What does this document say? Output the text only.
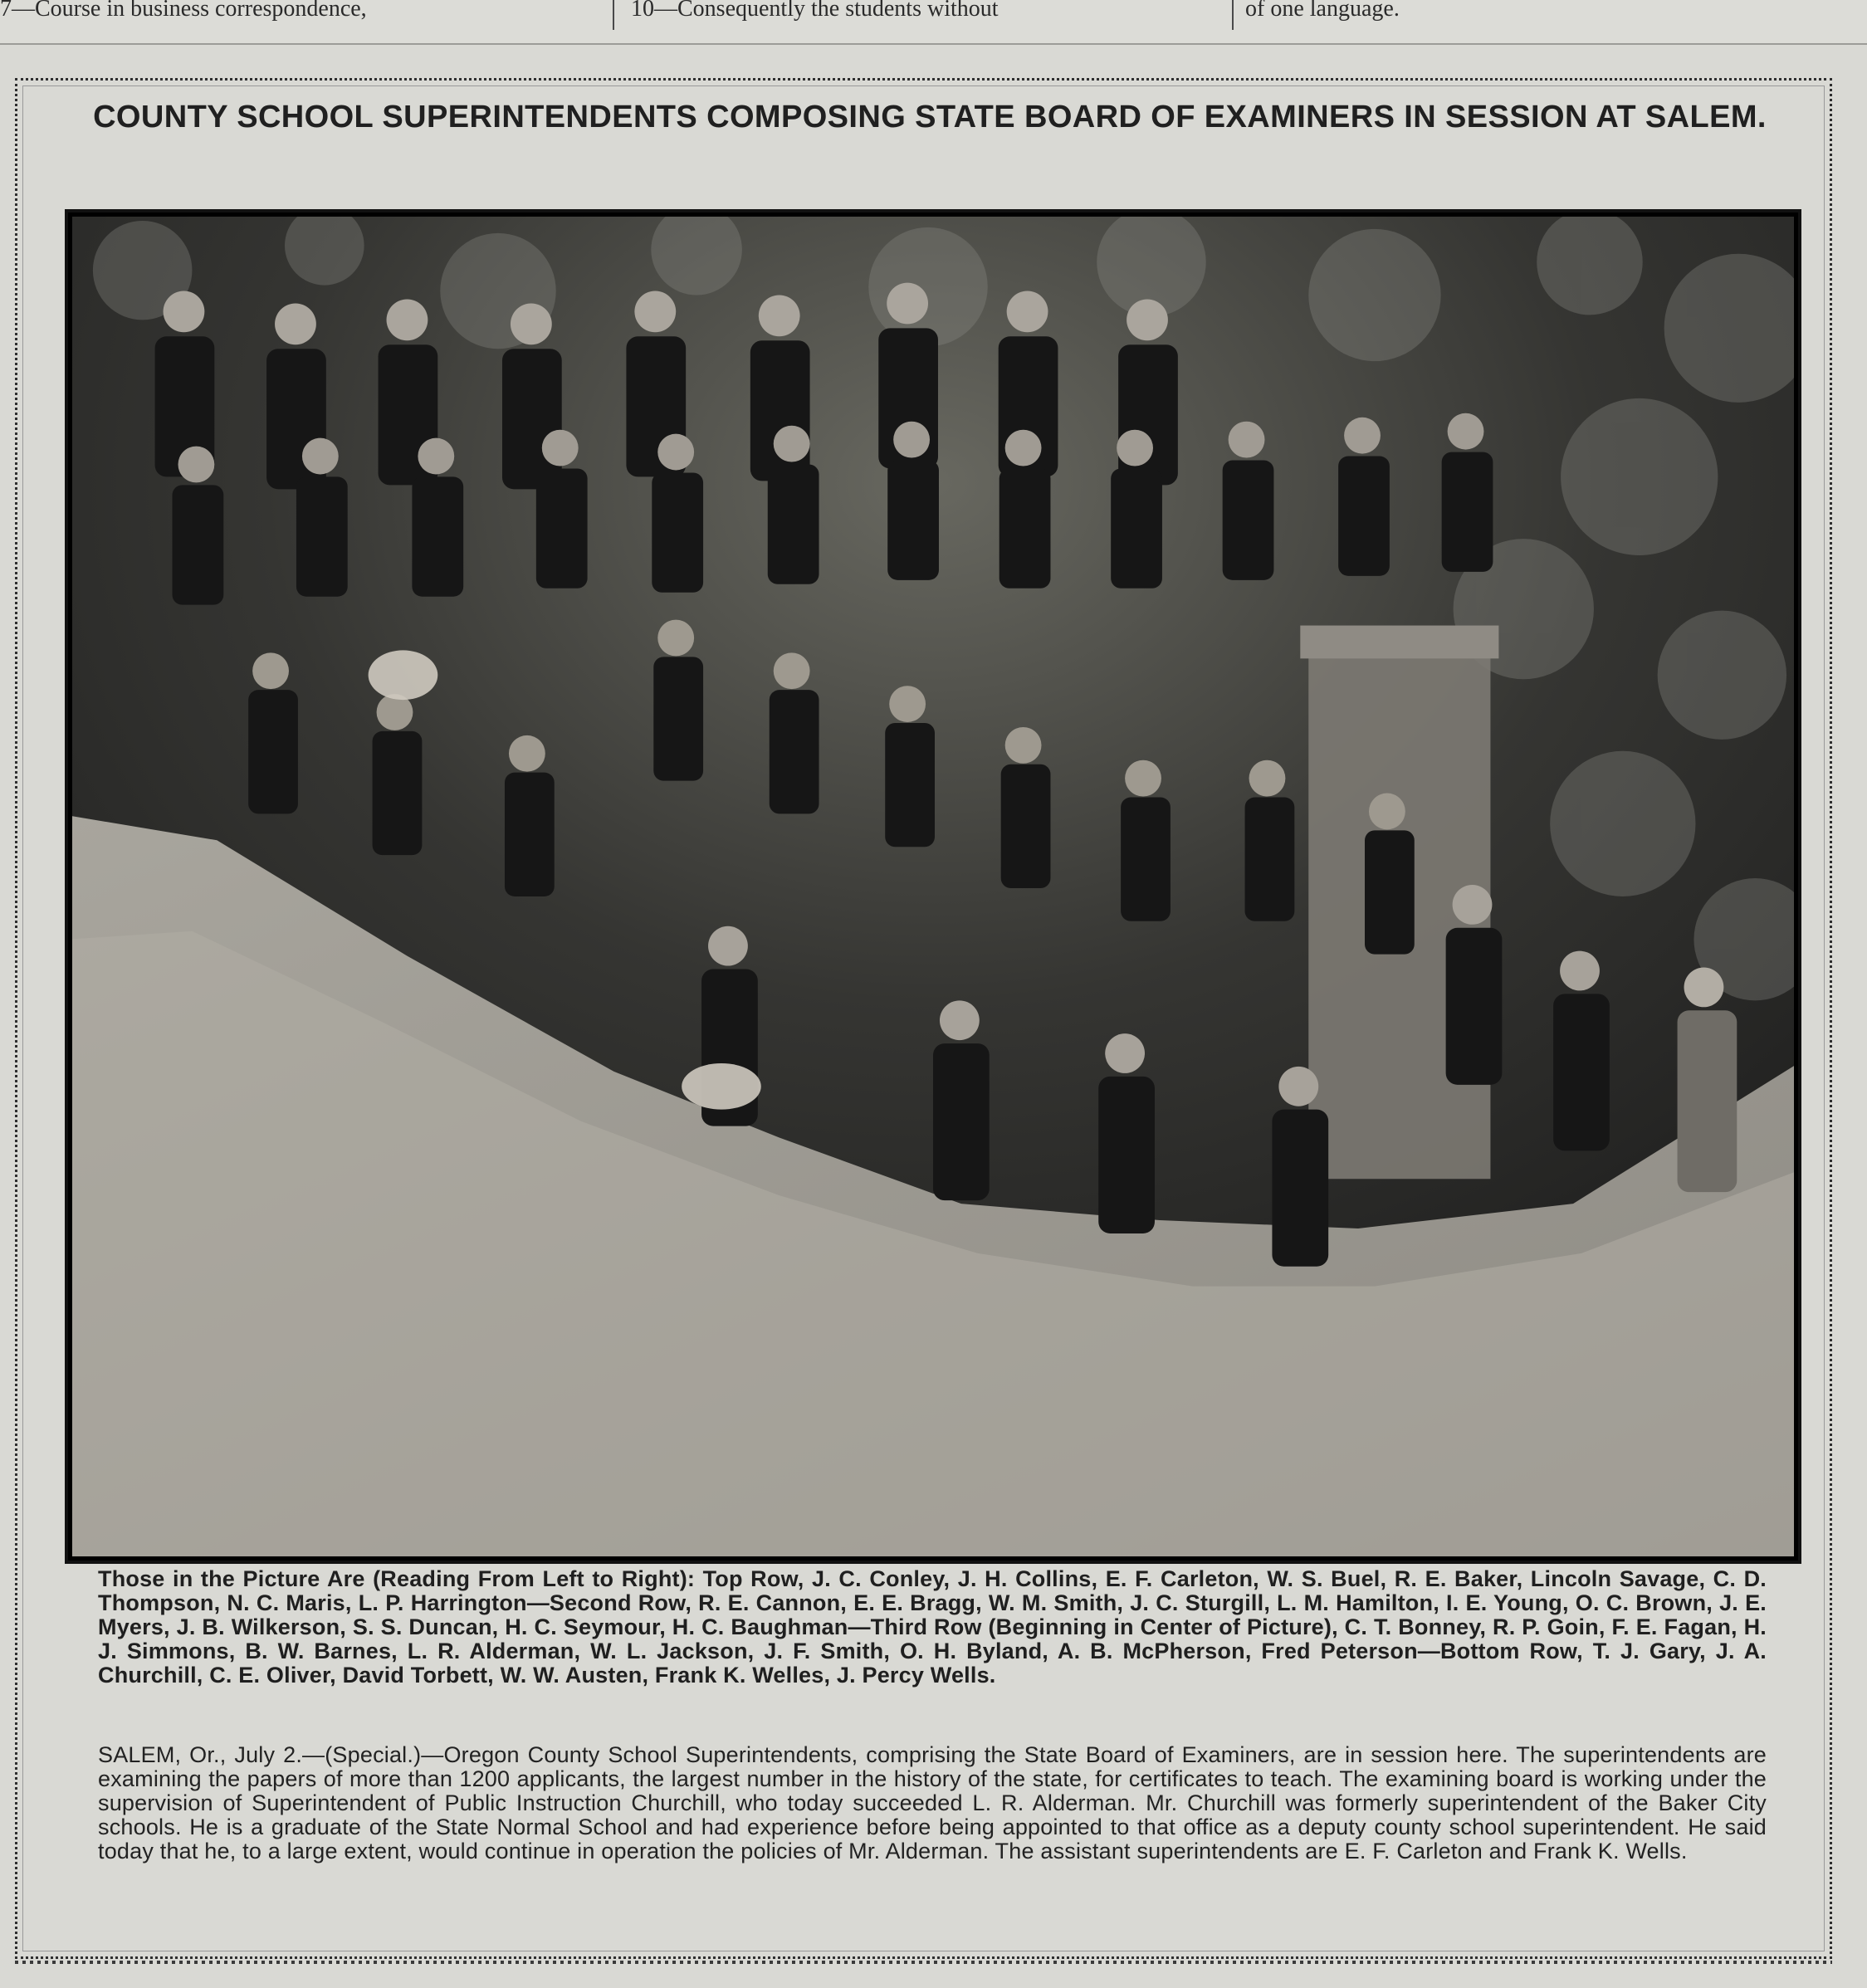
7—Course in business correspondence,	10—Consequently the students without	of one language.
COUNTY SCHOOL SUPERINTENDENTS COMPOSING STATE BOARD OF EXAMINERS IN SESSION AT SALEM.
Those in the Picture Are (Reading From Left to Right): Top Row, J. C. Conley, J. H. Collins, E. F. Carleton, W. S. Buel, R. E. Baker, Lincoln Savage, C. D. Thompson, N. C. Maris, L. P. Harrington—Second Row, R. E. Cannon, E. E. Bragg, W. M. Smith, J. C. Sturgill, L. M. Hamilton, I. E. Young, O. C. Brown, J. E. Myers, J. B. Wilkerson, S. S. Duncan, H. C. Seymour, H. C. Baughman—Third Row (Beginning in Center of Picture), C. T. Bonney, R. P. Goin, F. E. Fagan, H. J. Simmons, B. W. Barnes, L. R. Alderman, W. L. Jackson, J. F. Smith, O. H. Byland, A. B. McPherson, Fred Peterson—Bottom Row, T. J. Gary, J. A. Churchill, C. E. Oliver, David Torbett, W. W. Austen, Frank K. Welles, J. Percy Wells.
SALEM, Or., July 2.—(Special.)—Oregon County School Superintendents, comprising the State Board of Examiners, are in session here. The superintendents are examining the papers of more than 1200 applicants, the largest number in the history of the state, for certificates to teach. The examining board is working under the supervision of Superintendent of Public Instruction Churchill, who today succeeded L. R. Alderman. Mr. Churchill was formerly superintendent of the Baker City schools. He is a graduate of the State Normal School and had experience before being appointed to that office as a deputy county school superintendent. He said today that he, to a large extent, would continue in operation the policies of Mr. Alderman. The assistant superintendents are E. F. Carleton and Frank K. Wells.
